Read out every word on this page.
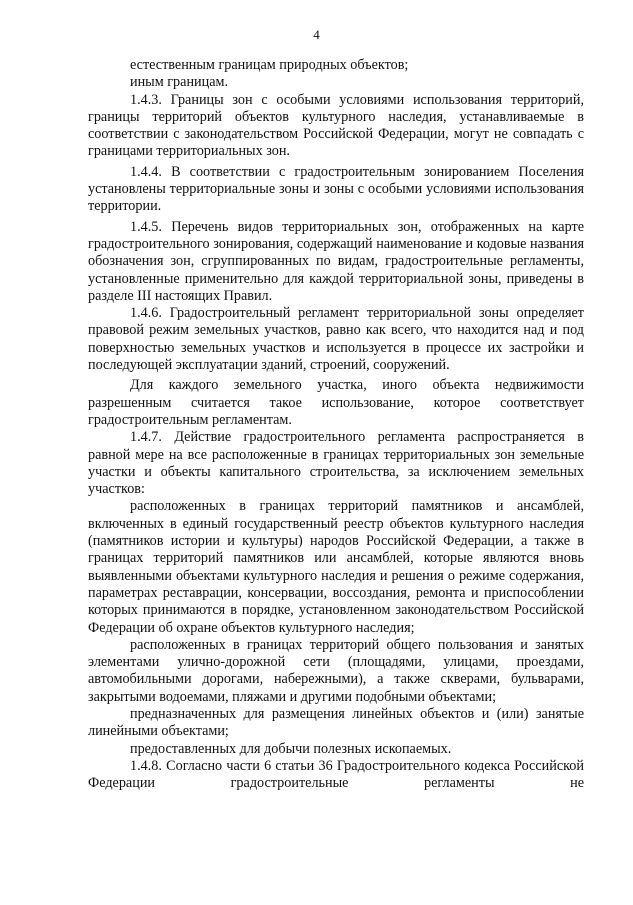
4

естественным границам природных объектов;

иным границам.

1.4.3. Границы зон с особыми условиями использования территорий, границы территорий объектов культурного наследия, устанавливаемые в соответствии с законодательством Российской Федерации, могут не совпадать с границами территориальных зон.

1.4.4. В соответствии с градостроительным зонированием Поселения установлены территориальные зоны и зоны с особыми условиями использования территории.

1.4.5. Перечень видов территориальных зон, отображенных на карте градостроительного зонирования, содержащий наименование и кодовые названия обозначения зон, сгруппированных по видам, градостроительные регламенты, установленные применительно для каждой территориальной зоны, приведены в разделе III настоящих Правил.

1.4.6. Градостроительный регламент территориальной зоны определяет правовой режим земельных участков, равно как всего, что находится над и под поверхностью земельных участков и используется в процессе их застройки и последующей эксплуатации зданий, строений, сооружений.

Для каждого земельного участка, иного объекта недвижимости разрешенным считается такое использование, которое соответствует градостроительным регламентам.

1.4.7. Действие градостроительного регламента распространяется в равной мере на все расположенные в границах территориальных зон земельные участки и объекты капитального строительства, за исключением земельных участков:

расположенных в границах территорий памятников и ансамблей, включенных в единый государственный реестр объектов культурного наследия (памятников истории и культуры) народов Российской Федерации, а также в границах территорий памятников или ансамблей, которые являются вновь выявленными объектами культурного наследия и решения о режиме содержания, параметрах реставрации, консервации, воссоздания, ремонта и приспособлении которых принимаются в порядке, установленном законодательством Российской Федерации об охране объектов культурного наследия;

расположенных в границах территорий общего пользования и занятых элементами улично-дорожной сети (площадями, улицами, проездами, автомобильными дорогами, набережными), а также скверами, бульварами, закрытыми водоемами, пляжами и другими подобными объектами;

предназначенных для размещения линейных объектов и (или) занятые линейными объектами;

предоставленных для добычи полезных ископаемых.

1.4.8. Согласно части 6 статьи 36 Градостроительного кодекса Российской Федерации градостроительные регламенты не
